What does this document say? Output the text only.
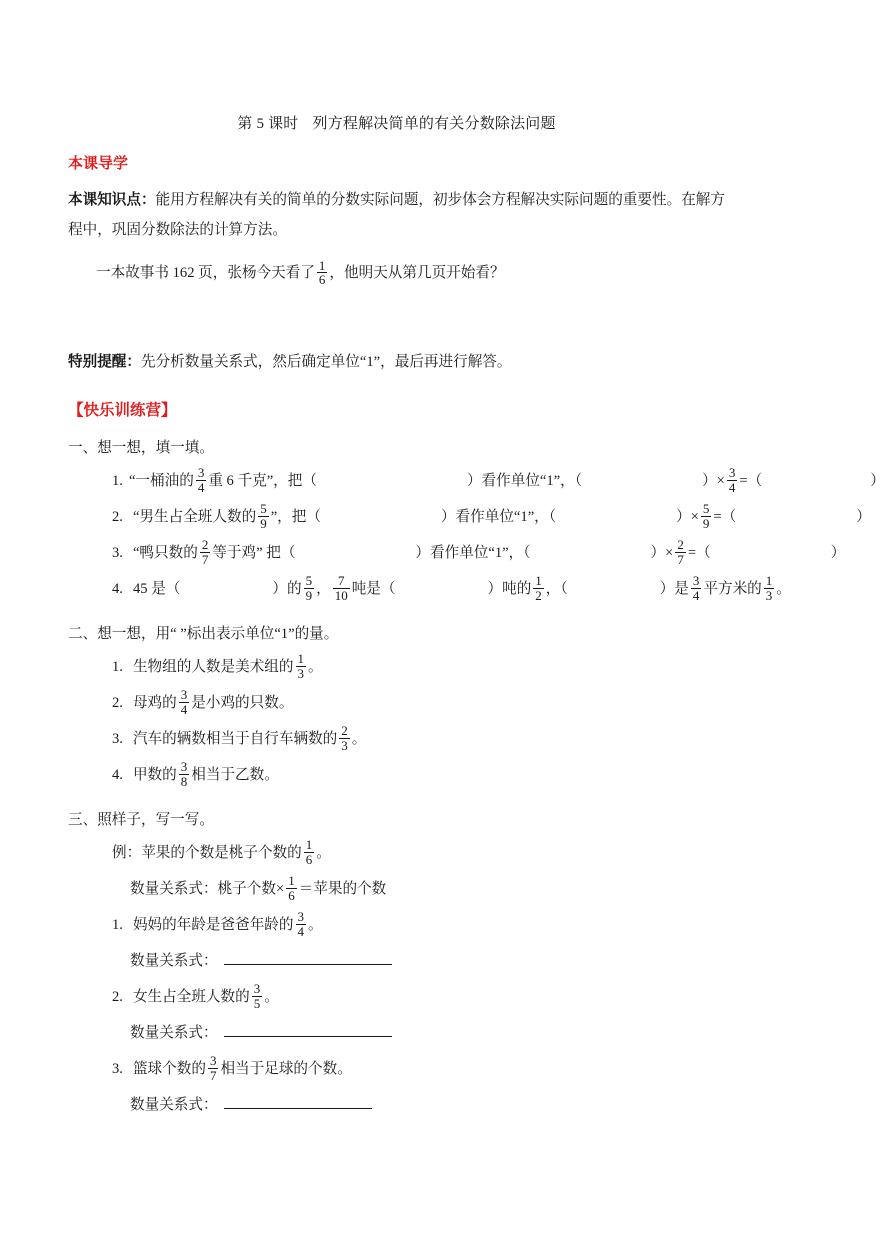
第 5 课时 列方程解决简单的有关分数除法问题
本课导学
本课知识点：能用方程解决有关的简单的分数实际问题，初步体会方程解决实际问题的重要性。在解方程中，巩固分数除法的计算方法。
一本故事书 162 页，张杨今天看了 $\frac{1}{6}$ ，他明天从第几页开始看？
特别提醒：先分析数量关系式，然后确定单位“1”，最后再进行解答。
【快乐训练营】
一、想一想，填一填。
1. “一桶油的 $\frac{3}{4}$ 重 6 千克”，把（	）看作单位“1”，（	）× $\frac{3}{4}$ =（	）
2. “男生占全班人数的 $\frac{5}{9}$ ”，把（	）看作单位“1”，（	）× $\frac{5}{9}$ =（	）
3. “鸭只数的 $\frac{2}{7}$ 等于鸡” 把（	）看作单位“1”，（	）× $\frac{2}{7}$ =（	）
4. 45 是（	）的 $\frac{5}{9}$ ， $\frac{7}{10}$ 吨是（	）吨的 $\frac{1}{2}$ ，（	）是 $\frac{3}{4}$ 平方米的 $\frac{1}{3}$ 。
二、想一想，用“ ”标出表示单位“1”的量。
1. 生物组的人数是美术组的 $\frac{1}{3}$ 。
2. 母鸡的 $\frac{3}{4}$ 是小鸡的只数。
3. 汽车的辆数相当于自行车辆数的 $\frac{2}{3}$ 。
4. 甲数的 $\frac{3}{8}$ 相当于乙数。
三、照样子，写一写。
例：苹果的个数是桃子个数的 $\frac{1}{6}$ 。
数量关系式：桃子个数× $\frac{1}{6}$ ＝苹果的个数
1. 妈妈的年龄是爸爸年龄的 $\frac{3}{4}$ 。
数量关系式：
2. 女生占全班人数的 $\frac{3}{5}$ 。
数量关系式：
3. 篮球个数的 $\frac{3}{7}$ 相当于足球的个数。
数量关系式：
